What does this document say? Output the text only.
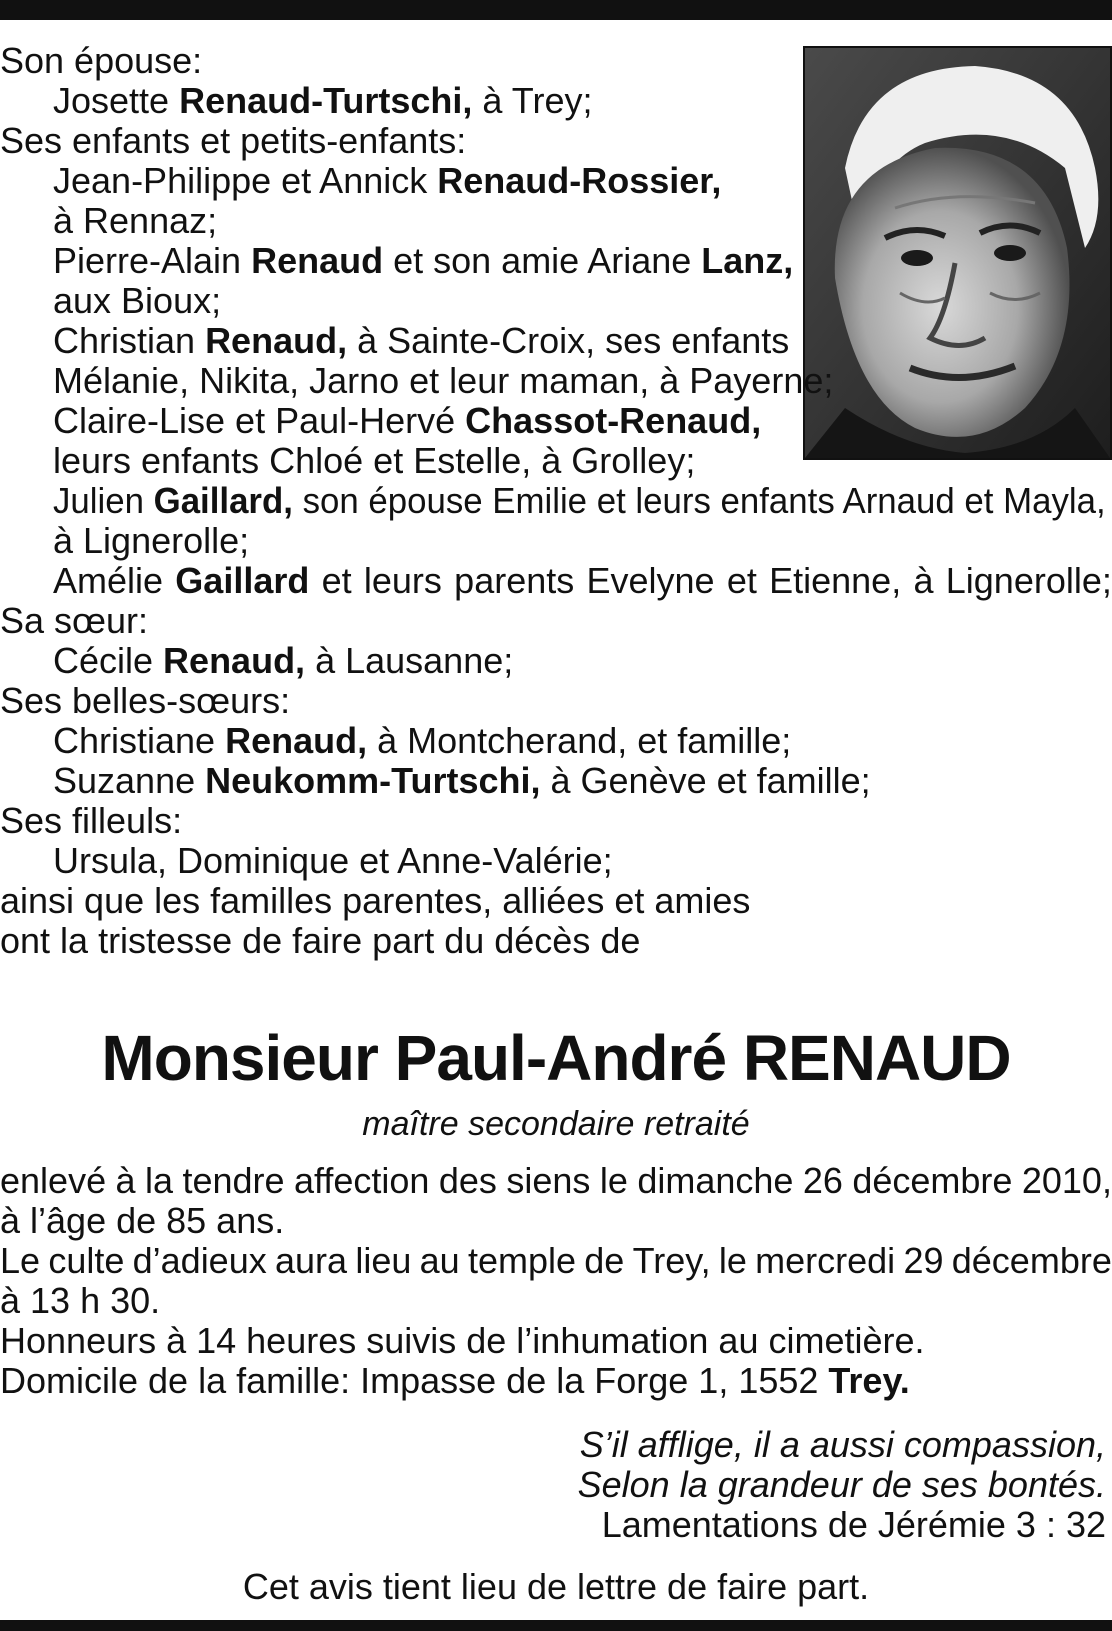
Son épouse:
Josette Renaud-Turtschi, à Trey;
Ses enfants et petits-enfants:
Jean-Philippe et Annick Renaud-Rossier,
à Rennaz;
Pierre-Alain Renaud et son amie Ariane Lanz,
aux Bioux;
Christian Renaud, à Sainte-Croix, ses enfants
Mélanie, Nikita, Jarno et leur maman, à Payerne;
Claire-Lise et Paul-Hervé Chassot-Renaud,
leurs enfants Chloé et Estelle, à Grolley;
Julien Gaillard, son épouse Emilie et leurs enfants Arnaud et Mayla,
à Lignerolle;
Amélie Gaillard et leurs parents Evelyne et Etienne, à Lignerolle;
Sa sœur:
Cécile Renaud, à Lausanne;
Ses belles-sœurs:
Christiane Renaud, à Montcherand, et famille;
Suzanne Neukomm-Turtschi, à Genève et famille;
Ses filleuls:
Ursula, Dominique et Anne-Valérie;
ainsi que les familles parentes, alliées et amies
ont la tristesse de faire part du décès de
Monsieur Paul-André RENAUD
maître secondaire retraité
enlevé à la tendre affection des siens le dimanche 26 décembre 2010,
à l’âge de 85 ans.
Le culte d’adieux aura lieu au temple de Trey, le mercredi 29 décembre
à 13 h 30.
Honneurs à 14 heures suivis de l’inhumation au cimetière.
Domicile de la famille: Impasse de la Forge 1, 1552 Trey.
S’il afflige, il a aussi compassion,
Selon la grandeur de ses bontés.
Lamentations de Jérémie 3 : 32
Cet avis tient lieu de lettre de faire part.
